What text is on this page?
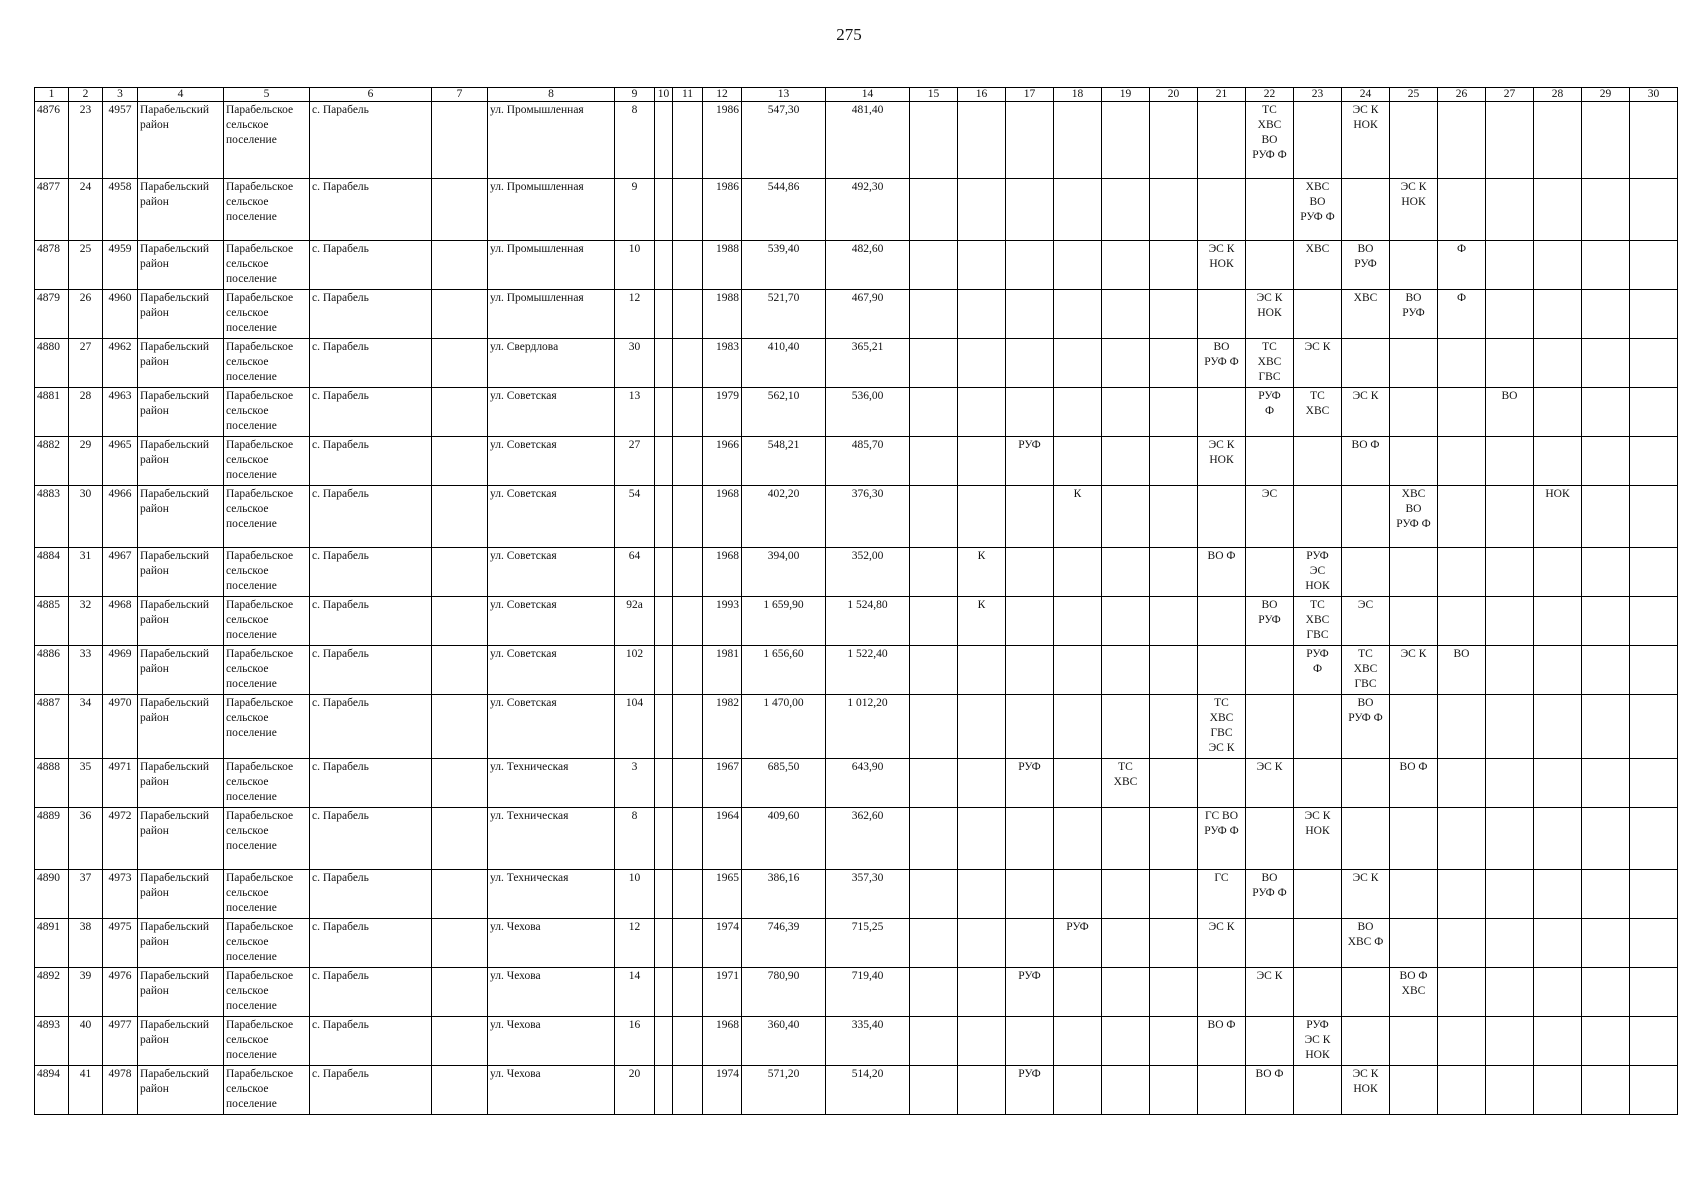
275
1	2	3	4	5	6	7	8	9	10	11	12	13	14	15	16	17	18	19	20	21	22	23	24	25	26	27	28	29	30
4876	23	4957	Парабельский
район	Парабельское
сельское
поселение	с. Парабель		ул. Промышленная	8			1986	547,30	481,40								ТС
ХВС
ВО
РУФ Ф		ЭС К
НОК						
4877	24	4958	Парабельский
район	Парабельское
сельское
поселение	с. Парабель		ул. Промышленная	9			1986	544,86	492,30									ХВС
ВО
РУФ Ф		ЭС К
НОК					
4878	25	4959	Парабельский
район	Парабельское
сельское
поселение	с. Парабель		ул. Промышленная	10			1988	539,40	482,60							ЭС К
НОК		ХВС	ВО
РУФ		Ф				
4879	26	4960	Парабельский
район	Парабельское
сельское
поселение	с. Парабель		ул. Промышленная	12			1988	521,70	467,90								ЭС К
НОК		ХВС	ВО
РУФ	Ф				
4880	27	4962	Парабельский
район	Парабельское
сельское
поселение	с. Парабель		ул. Свердлова	30			1983	410,40	365,21							ВО
РУФ Ф	ТС
ХВС
ГВС	ЭС К							
4881	28	4963	Парабельский
район	Парабельское
сельское
поселение	с. Парабель		ул. Советская	13			1979	562,10	536,00								РУФ
Ф	ТС
ХВС	ЭС К			ВО			
4882	29	4965	Парабельский
район	Парабельское
сельское
поселение	с. Парабель		ул. Советская	27			1966	548,21	485,70			РУФ				ЭС К
НОК			ВО Ф						
4883	30	4966	Парабельский
район	Парабельское
сельское
поселение	с. Парабель		ул. Советская	54			1968	402,20	376,30				К				ЭС			ХВС
ВО
РУФ Ф			НОК		
4884	31	4967	Парабельский
район	Парабельское
сельское
поселение	с. Парабель		ул. Советская	64			1968	394,00	352,00		К					ВО Ф		РУФ
ЭС
НОК							
4885	32	4968	Парабельский
район	Парабельское
сельское
поселение	с. Парабель		ул. Советская	92а			1993	1 659,90	1 524,80		К						ВО
РУФ	ТС
ХВС
ГВС	ЭС						
4886	33	4969	Парабельский
район	Парабельское
сельское
поселение	с. Парабель		ул. Советская	102			1981	1 656,60	1 522,40									РУФ
Ф	ТС
ХВС
ГВС	ЭС К	ВО				
4887	34	4970	Парабельский
район	Парабельское
сельское
поселение	с. Парабель		ул. Советская	104			1982	1 470,00	1 012,20							ТС
ХВС
ГВС
ЭС К			ВО
РУФ Ф						
4888	35	4971	Парабельский
район	Парабельское
сельское
поселение	с. Парабель		ул. Техническая	3			1967	685,50	643,90			РУФ		ТС
ХВС			ЭС К			ВО Ф					
4889	36	4972	Парабельский
район	Парабельское
сельское
поселение	с. Парабель		ул. Техническая	8			1964	409,60	362,60							ГС ВО
РУФ Ф		ЭС К
НОК							
4890	37	4973	Парабельский
район	Парабельское
сельское
поселение	с. Парабель		ул. Техническая	10			1965	386,16	357,30							ГС	ВО
РУФ Ф		ЭС К						
4891	38	4975	Парабельский
район	Парабельское
сельское
поселение	с. Парабель		ул. Чехова	12			1974	746,39	715,25				РУФ			ЭС К			ВО
ХВС Ф						
4892	39	4976	Парабельский
район	Парабельское
сельское
поселение	с. Парабель		ул. Чехова	14			1971	780,90	719,40			РУФ					ЭС К			ВО Ф
ХВС					
4893	40	4977	Парабельский
район	Парабельское
сельское
поселение	с. Парабель		ул. Чехова	16			1968	360,40	335,40							ВО Ф		РУФ
ЭС К
НОК							
4894	41	4978	Парабельский
район	Парабельское
сельское
поселение	с. Парабель		ул. Чехова	20			1974	571,20	514,20			РУФ					ВО Ф		ЭС К
НОК						
